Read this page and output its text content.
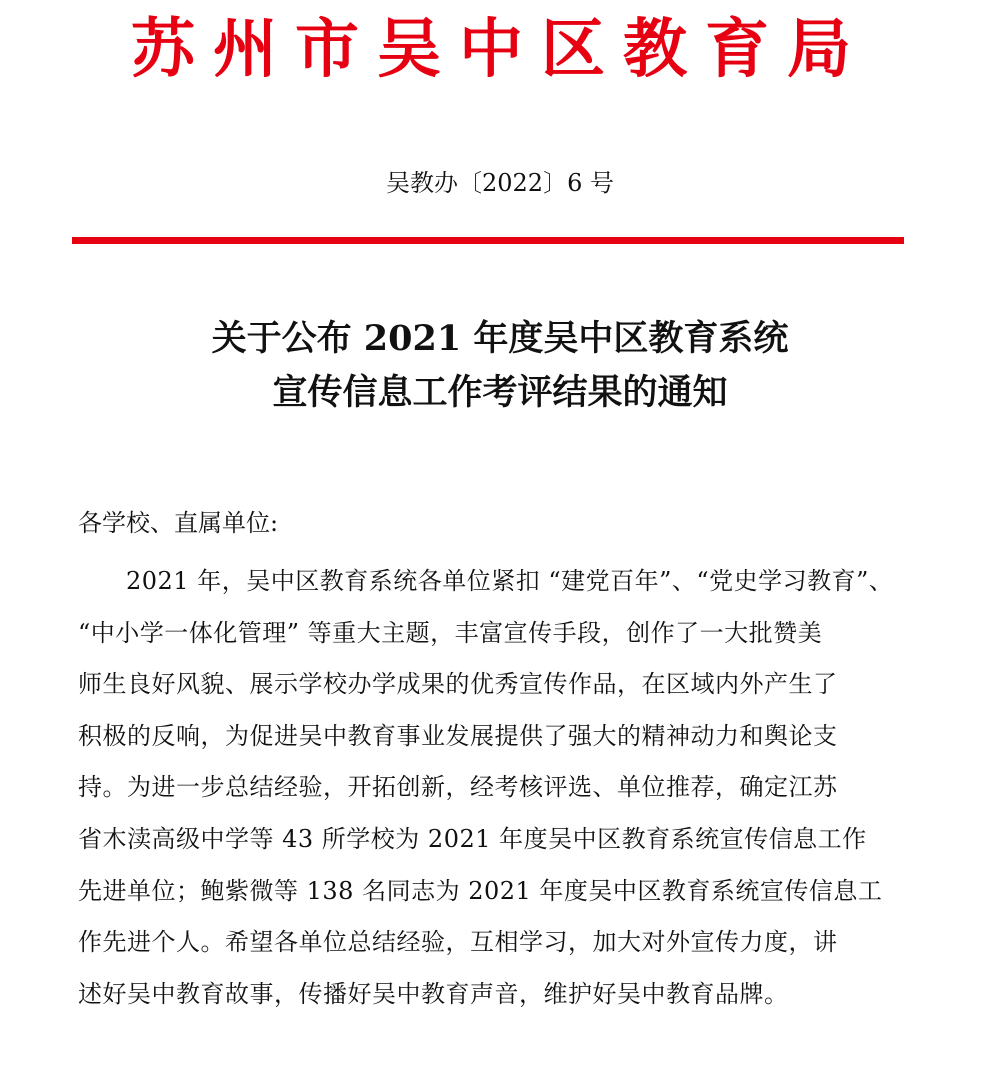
苏州市吴中区教育局
吴教办〔2022〕6 号
关于公布 2021 年度吴中区教育系统
宣传信息工作考评结果的通知
各学校、直属单位:
2021 年，吴中区教育系统各单位紧扣 “建党百年”、“党史学习教育”、
“中小学一体化管理” 等重大主题，丰富宣传手段，创作了一大批赞美
师生良好风貌、展示学校办学成果的优秀宣传作品，在区域内外产生了
积极的反响，为促进吴中教育事业发展提供了强大的精神动力和舆论支
持。为进一步总结经验，开拓创新，经考核评选、单位推荐，确定江苏
省木渎高级中学等 43 所学校为 2021 年度吴中区教育系统宣传信息工作
先进单位；鲍紫微等 138 名同志为 2021 年度吴中区教育系统宣传信息工
作先进个人。希望各单位总结经验，互相学习，加大对外宣传力度，讲
述好吴中教育故事，传播好吴中教育声音，维护好吴中教育品牌。
